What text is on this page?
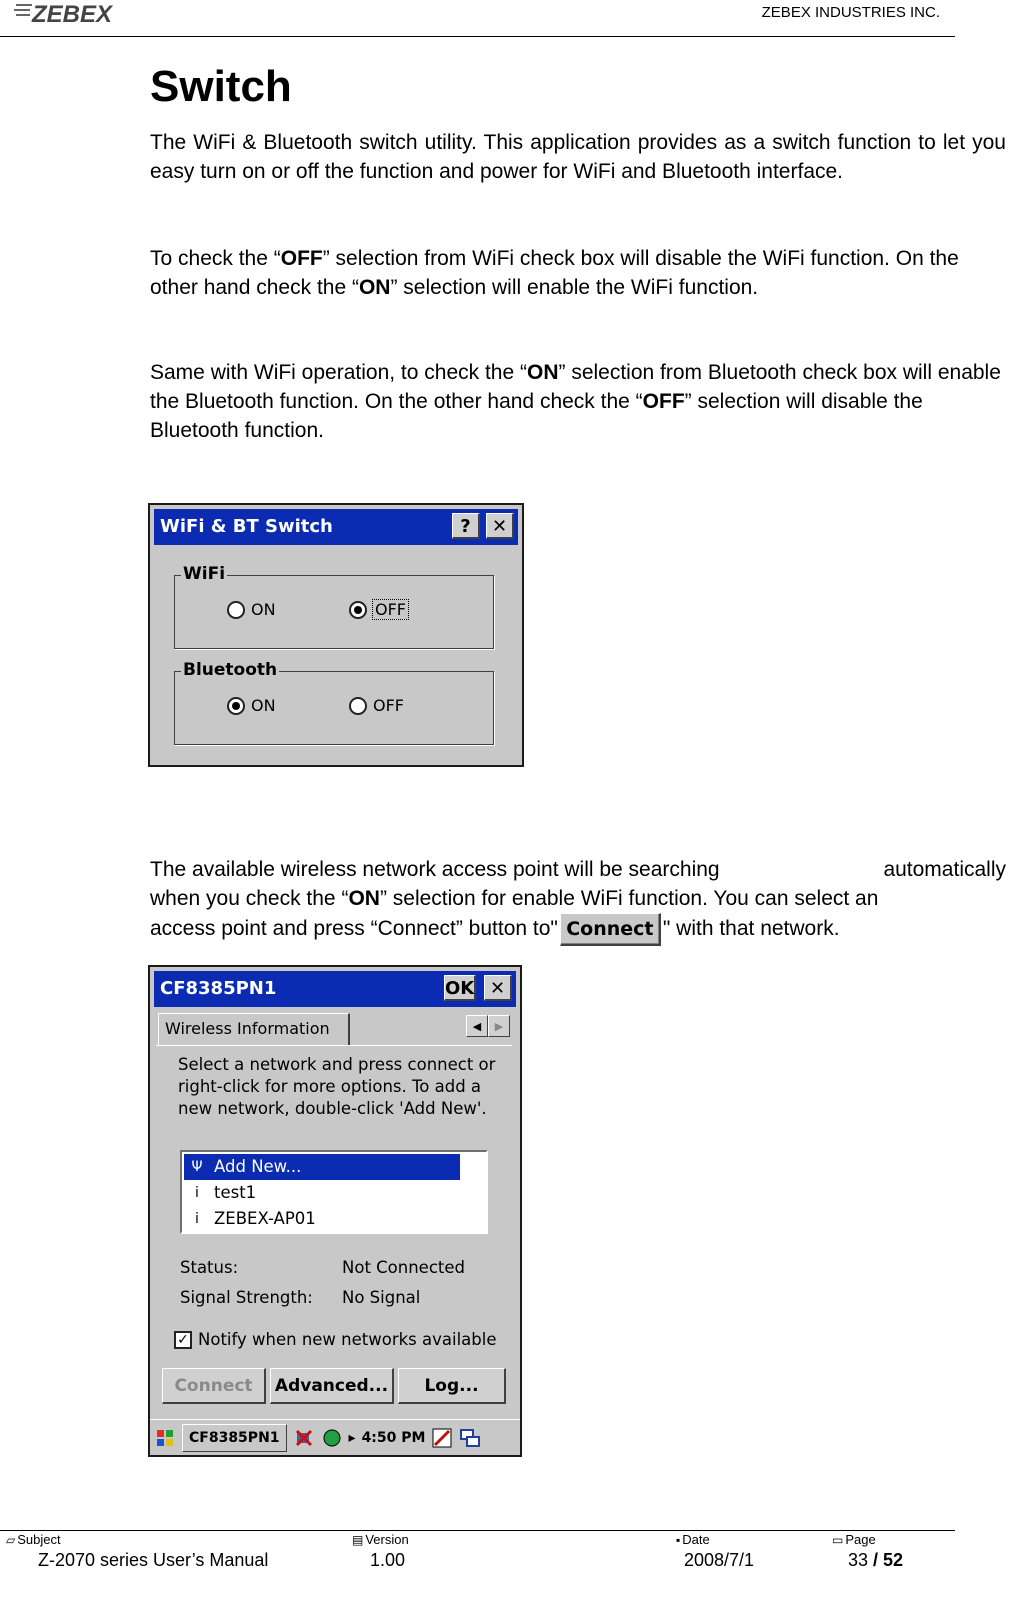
ZEBEX	ZEBEX INDUSTRIES INC.
Switch

The WiFi & Bluetooth switch utility. This application provides as a switch function to let you easy turn on or off the function and power for WiFi and Bluetooth interface.

To check the “OFF” selection from WiFi check box will disable the WiFi function. On the other hand check the “ON” selection will enable the WiFi function.

Same with WiFi operation, to check the “ON” selection from Bluetooth check box will enable the Bluetooth function. On the other hand check the “OFF” selection will disable the Bluetooth function.

WiFi & BT Switch	?	✕
WiFi
ON	OFF
Bluetooth
ON	OFF
The available wireless network access point will be searching	automatically
when you check the “ON” selection for enable WiFi function. You can select an
access point and press “Connect” button to" Connect " with that network.
CF8385PN1	OK ✕
Wireless Information	◀	▶

Select a network and press connect or right-click for more options. To add a new network, double-click 'Add New'.

Ψ Add New...
ⅰ test1
ⅰ ZEBEX-AP01
Status:	Not Connected
Signal Strength: No Signal
✓ Notify when new networks available
Connect	Advanced...	Log...
CF8385PN1	▸ 4:50 PM
▱ Subject	▤ Version	▪ Date	▭ Page
Z-2070 series User’s Manual	1.00	2008/7/1	33 / 52
